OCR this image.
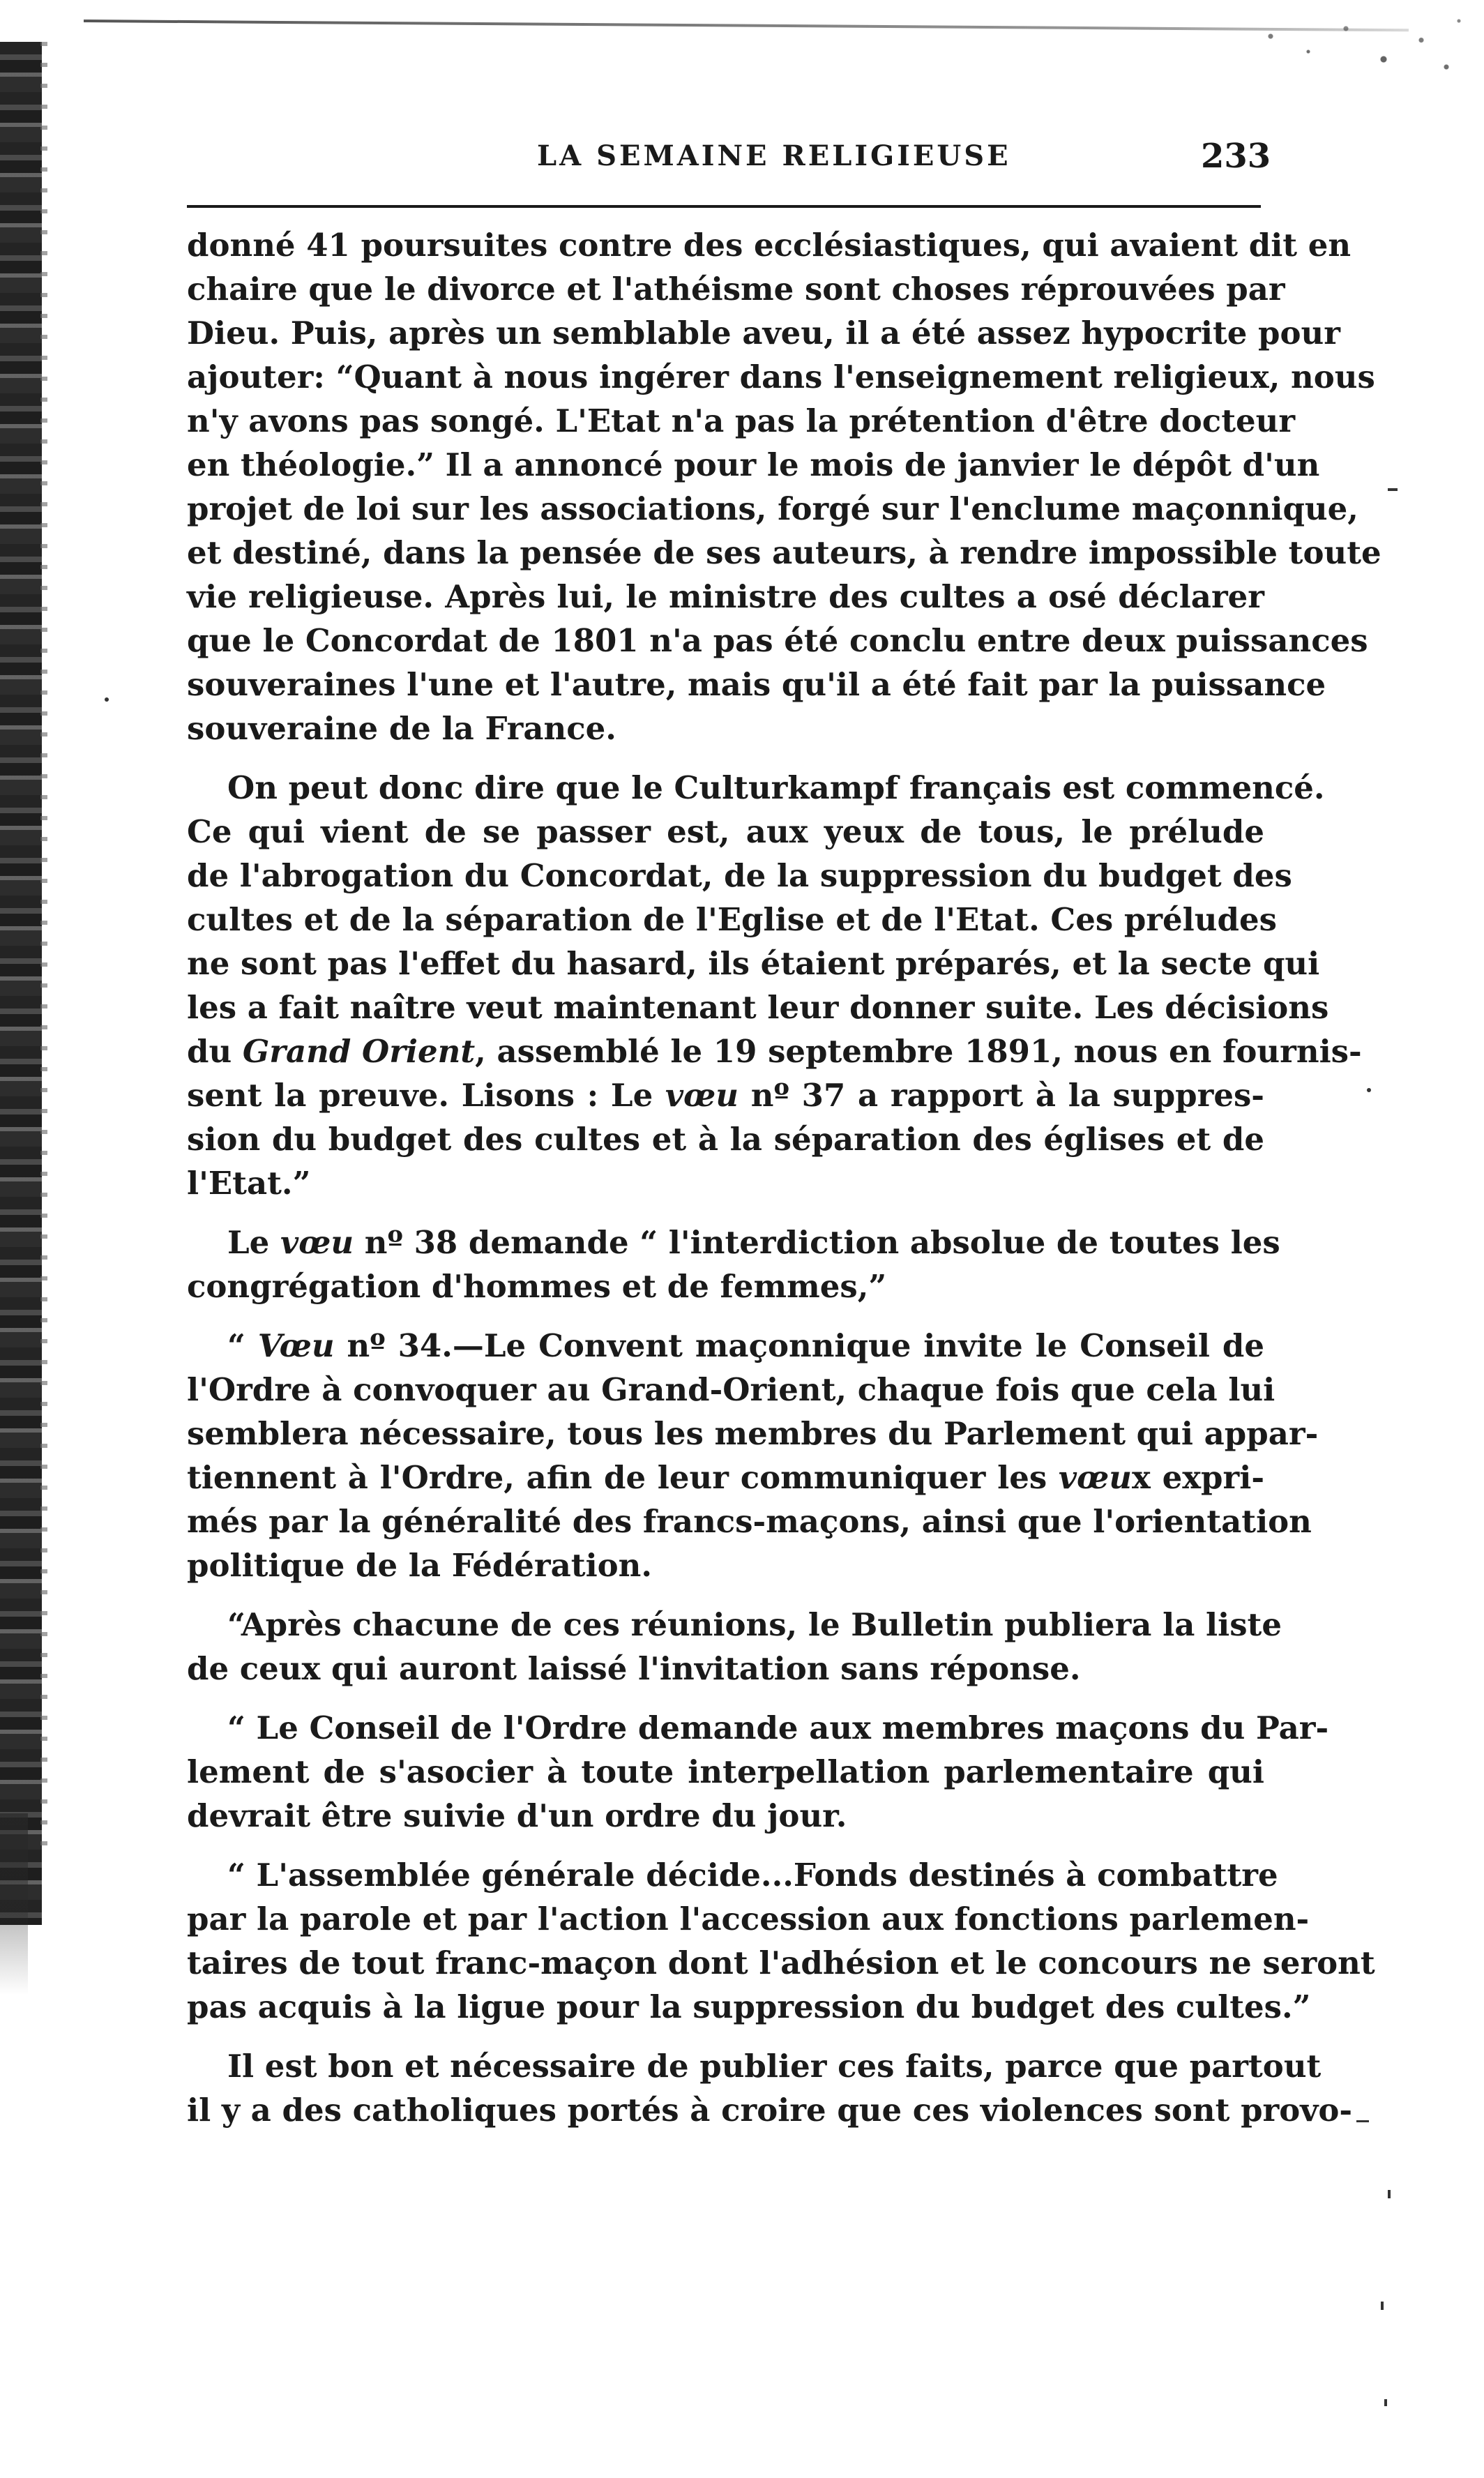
LA SEMAINE RELIGIEUSE	233
donné 41 poursuites contre des ecclésiastiques, qui avaient dit en
chaire que le divorce et l'athéisme sont choses réprouvées par
Dieu. Puis, après un semblable aveu, il a été assez hypocrite pour
ajouter: “Quant à nous ingérer dans l'enseignement religieux, nous
n'y avons pas songé. L'Etat n'a pas la prétention d'être docteur
en théologie.” Il a annoncé pour le mois de janvier le dépôt d'un
projet de loi sur les associations, forgé sur l'enclume maçonnique,
et destiné, dans la pensée de ses auteurs, à rendre impossible toute
vie religieuse. Après lui, le ministre des cultes a osé déclarer
que le Concordat de 1801 n'a pas été conclu entre deux puissances
souveraines l'une et l'autre, mais qu'il a été fait par la puissance
souveraine de la France.
On peut donc dire que le Culturkampf français est commencé.
Ce qui vient de se passer est, aux yeux de tous, le prélude
de l'abrogation du Concordat, de la suppression du budget des
cultes et de la séparation de l'Eglise et de l'Etat. Ces préludes
ne sont pas l'effet du hasard, ils étaient préparés, et la secte qui
les a fait naître veut maintenant leur donner suite. Les décisions
du Grand Orient, assemblé le 19 septembre 1891, nous en fournis-
sent la preuve. Lisons : Le vœu nº 37 a rapport à la suppres-
sion du budget des cultes et à la séparation des églises et de
l'Etat.”
Le vœu nº 38 demande “ l'interdiction absolue de toutes les
congrégation d'hommes et de femmes,”
“ Vœu nº 34.—Le Convent maçonnique invite le Conseil de
l'Ordre à convoquer au Grand-Orient, chaque fois que cela lui
semblera nécessaire, tous les membres du Parlement qui appar-
tiennent à l'Ordre, afin de leur communiquer les vœux expri-
més par la généralité des francs-maçons, ainsi que l'orientation
politique de la Fédération.
“Après chacune de ces réunions, le Bulletin publiera la liste
de ceux qui auront laissé l'invitation sans réponse.
“ Le Conseil de l'Ordre demande aux membres maçons du Par-
lement de s'asocier à toute interpellation parlementaire qui
devrait être suivie d'un ordre du jour.
“ L'assemblée générale décide...Fonds destinés à combattre
par la parole et par l'action l'accession aux fonctions parlemen-
taires de tout franc-maçon dont l'adhésion et le concours ne seront
pas acquis à la ligue pour la suppression du budget des cultes.”
Il est bon et nécessaire de publier ces faits, parce que partout
il y a des catholiques portés à croire que ces violences sont provo-
